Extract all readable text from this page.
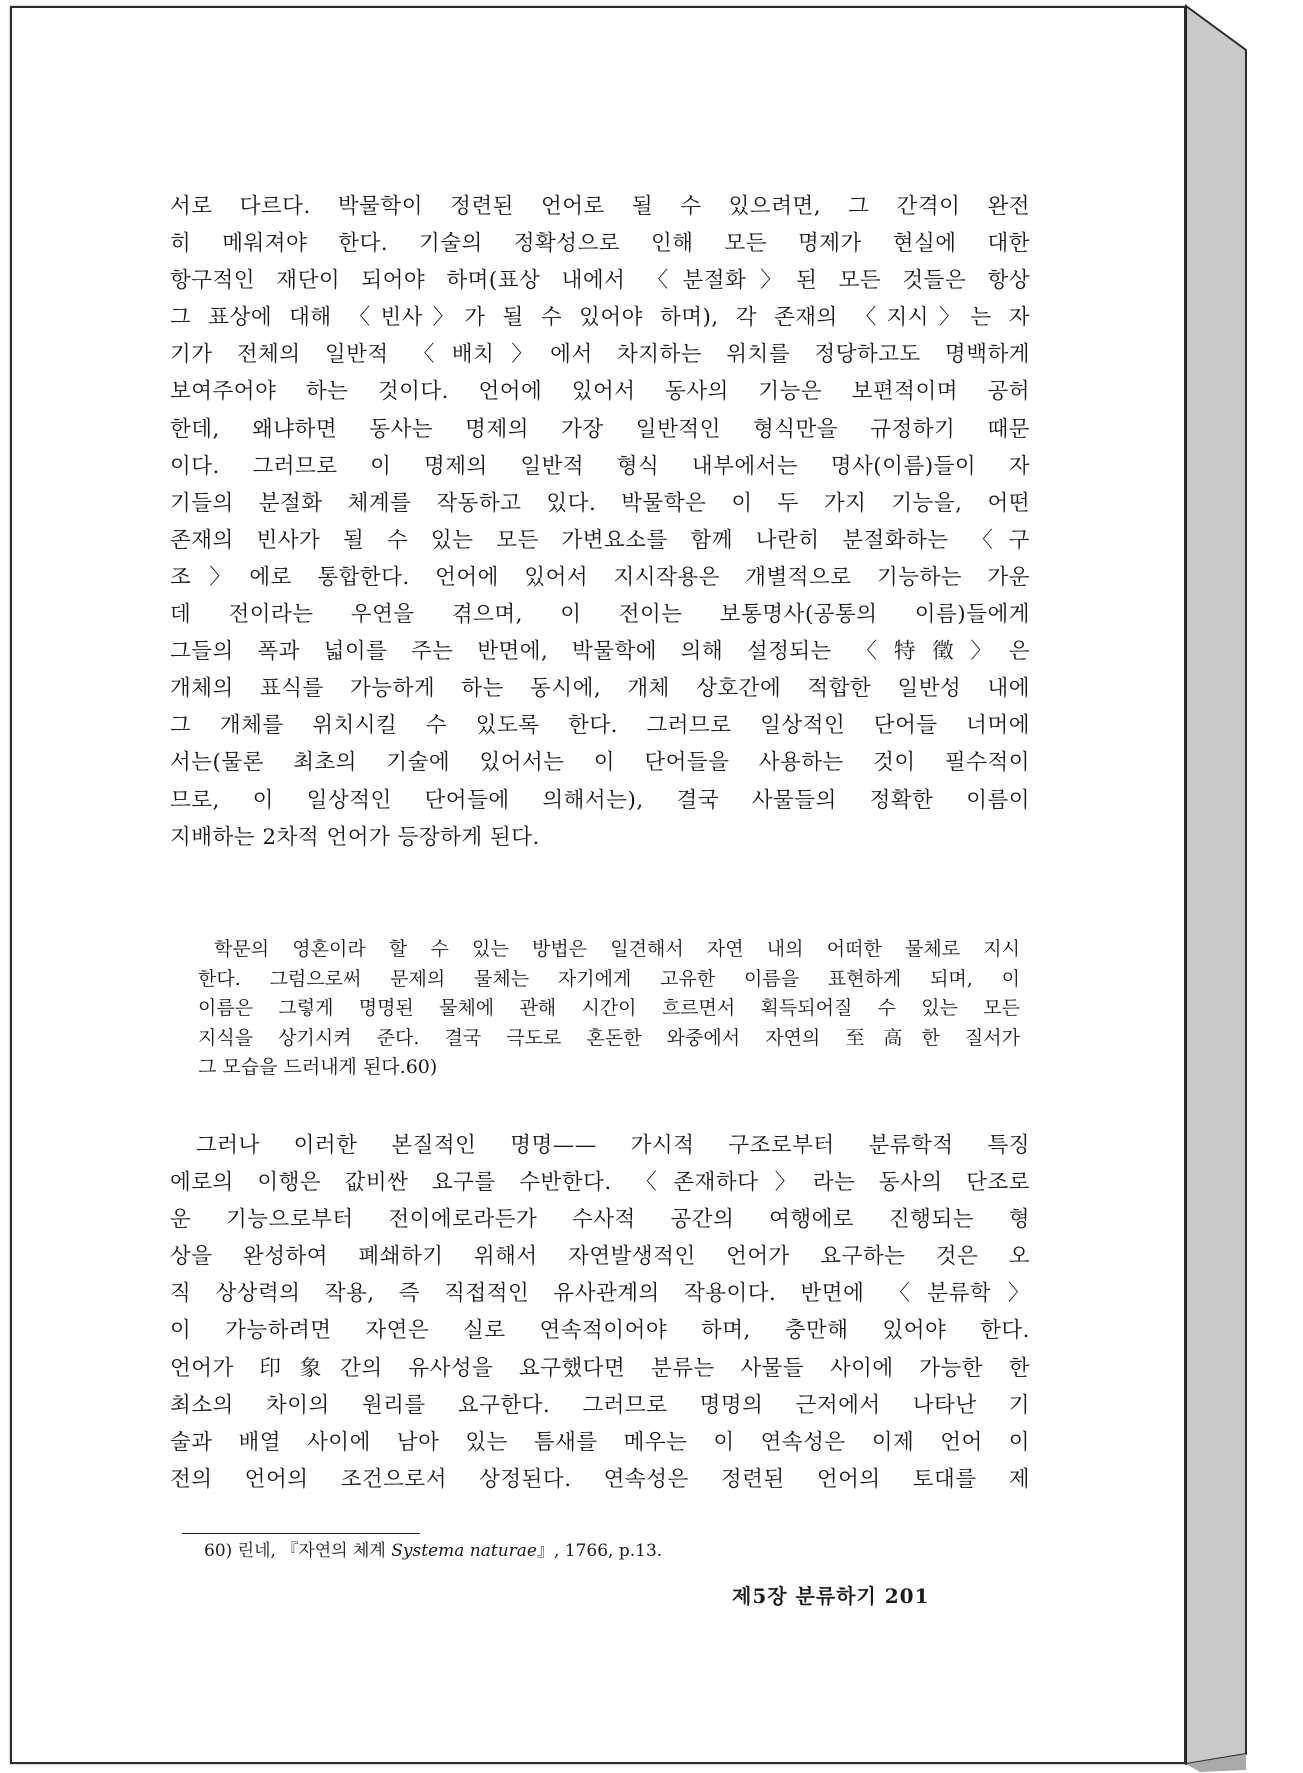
서로 다르다. 박물학이 정련된 언어로 될 수 있으려면, 그 간격이 완전
히 메워져야 한다. 기술의 정확성으로 인해 모든 명제가 현실에 대한
항구적인 재단이 되어야 하며(표상 내에서 〈분절화〉된 모든 것들은 항상
그 표상에 대해 〈빈사〉가 될 수 있어야 하며), 각 존재의 〈지시〉는 자
기가 전체의 일반적 〈배치〉에서 차지하는 위치를 정당하고도 명백하게
보여주어야 하는 것이다. 언어에 있어서 동사의 기능은 보편적이며 공허
한데, 왜냐하면 동사는 명제의 가장 일반적인 형식만을 규정하기 때문
이다. 그러므로 이 명제의 일반적 형식 내부에서는 명사(이름)들이 자
기들의 분절화 체계를 작동하고 있다. 박물학은 이 두 가지 기능을, 어떤
존재의 빈사가 될 수 있는 모든 가변요소를 함께 나란히 분절화하는 〈구
조〉에로 통합한다. 언어에 있어서 지시작용은 개별적으로 기능하는 가운
데 전이라는 우연을 겪으며, 이 전이는 보통명사(공통의 이름)들에게
그들의 폭과 넓이를 주는 반면에, 박물학에 의해 설정되는 〈特徵〉은
개체의 표식를 가능하게 하는 동시에, 개체 상호간에 적합한 일반성 내에
그 개체를 위치시킬 수 있도록 한다. 그러므로 일상적인 단어들 너머에
서는(물론 최초의 기술에 있어서는 이 단어들을 사용하는 것이 필수적이
므로, 이 일상적인 단어들에 의해서는), 결국 사물들의 정확한 이름이
지배하는 2차적 언어가 등장하게 된다.
학문의 영혼이라 할 수 있는 방법은 일견해서 자연 내의 어떠한 물체로 지시
한다. 그럼으로써 문제의 물체는 자기에게 고유한 이름을 표현하게 되며, 이
이름은 그렇게 명명된 물체에 관해 시간이 흐르면서 획득되어질 수 있는 모든
지식을 상기시켜 준다. 결국 극도로 혼돈한 와중에서 자연의 至高한 질서가
그 모습을 드러내게 된다.60)
그러나 이러한 본질적인 명명—— 가시적 구조로부터 분류학적 특징
에로의 이행은 값비싼 요구를 수반한다. 〈존재하다〉라는 동사의 단조로
운 기능으로부터 전이에로라든가 수사적 공간의 여행에로 진행되는 형
상을 완성하여 폐쇄하기 위해서 자연발생적인 언어가 요구하는 것은 오
직 상상력의 작용, 즉 직접적인 유사관계의 작용이다. 반면에 〈분류학〉
이 가능하려면 자연은 실로 연속적이어야 하며, 충만해 있어야 한다.
언어가 印象간의 유사성을 요구했다면 분류는 사물들 사이에 가능한 한
최소의 차이의 원리를 요구한다. 그러므로 명명의 근저에서 나타난 기
술과 배열 사이에 남아 있는 틈새를 메우는 이 연속성은 이제 언어 이
전의 언어의 조건으로서 상정된다. 연속성은 정련된 언어의 토대를 제
60) 린네, 『자연의 체계 Systema naturae』, 1766, p.13.
제5장 분류하기 201
